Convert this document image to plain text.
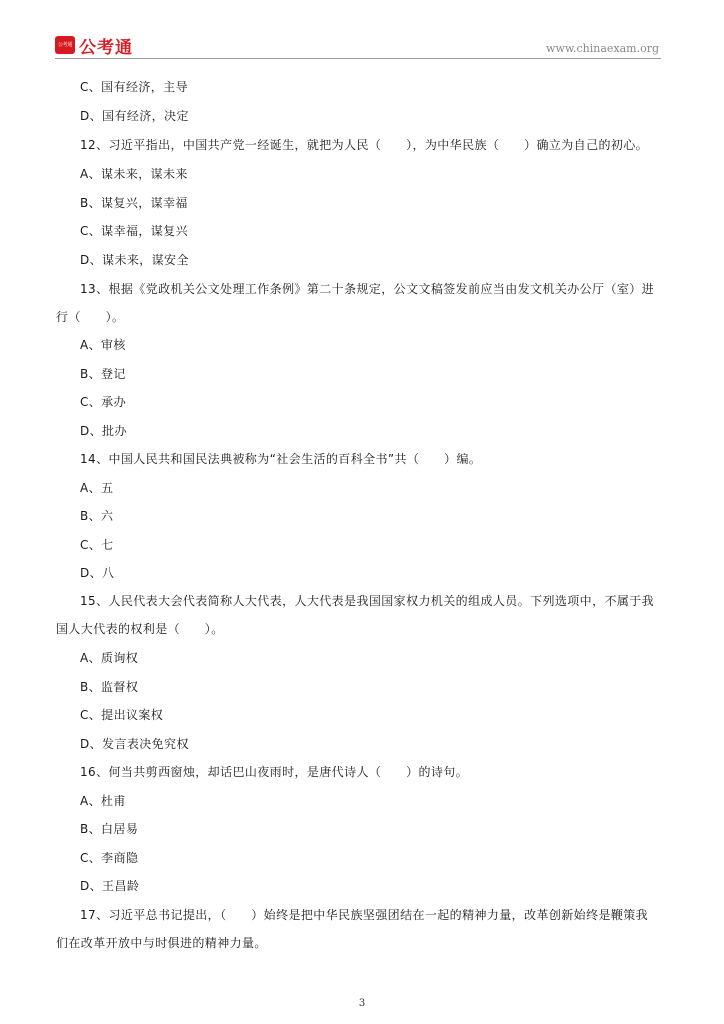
公考通 公考通	www.chinaexam.org
C、国有经济，主导
D、国有经济，决定
12、习近平指出，中国共产党一经诞生，就把为人民（　　），为中华民族（　　）确立为自己的初心。
A、谋未来，谋未来
B、谋复兴，谋幸福
C、谋幸福，谋复兴
D、谋未来，谋安全
13、根据《党政机关公文处理工作条例》第二十条规定，公文文稿签发前应当由发文机关办公厅（室）进
行（　　）。
A、审核
B、登记
C、承办
D、批办
14、中国人民共和国民法典被称为“社会生活的百科全书”共（　　）编。
A、五
B、六
C、七
D、八
15、人民代表大会代表简称人大代表，人大代表是我国国家权力机关的组成人员。下列选项中，不属于我
国人大代表的权利是（　　）。
A、质询权
B、监督权
C、提出议案权
D、发言表决免究权
16、何当共剪西窗烛，却话巴山夜雨时，是唐代诗人（　　）的诗句。
A、杜甫
B、白居易
C、李商隐
D、王昌龄
17、习近平总书记提出，（　　）始终是把中华民族坚强团结在一起的精神力量，改革创新始终是鞭策我
们在改革开放中与时俱进的精神力量。
3
